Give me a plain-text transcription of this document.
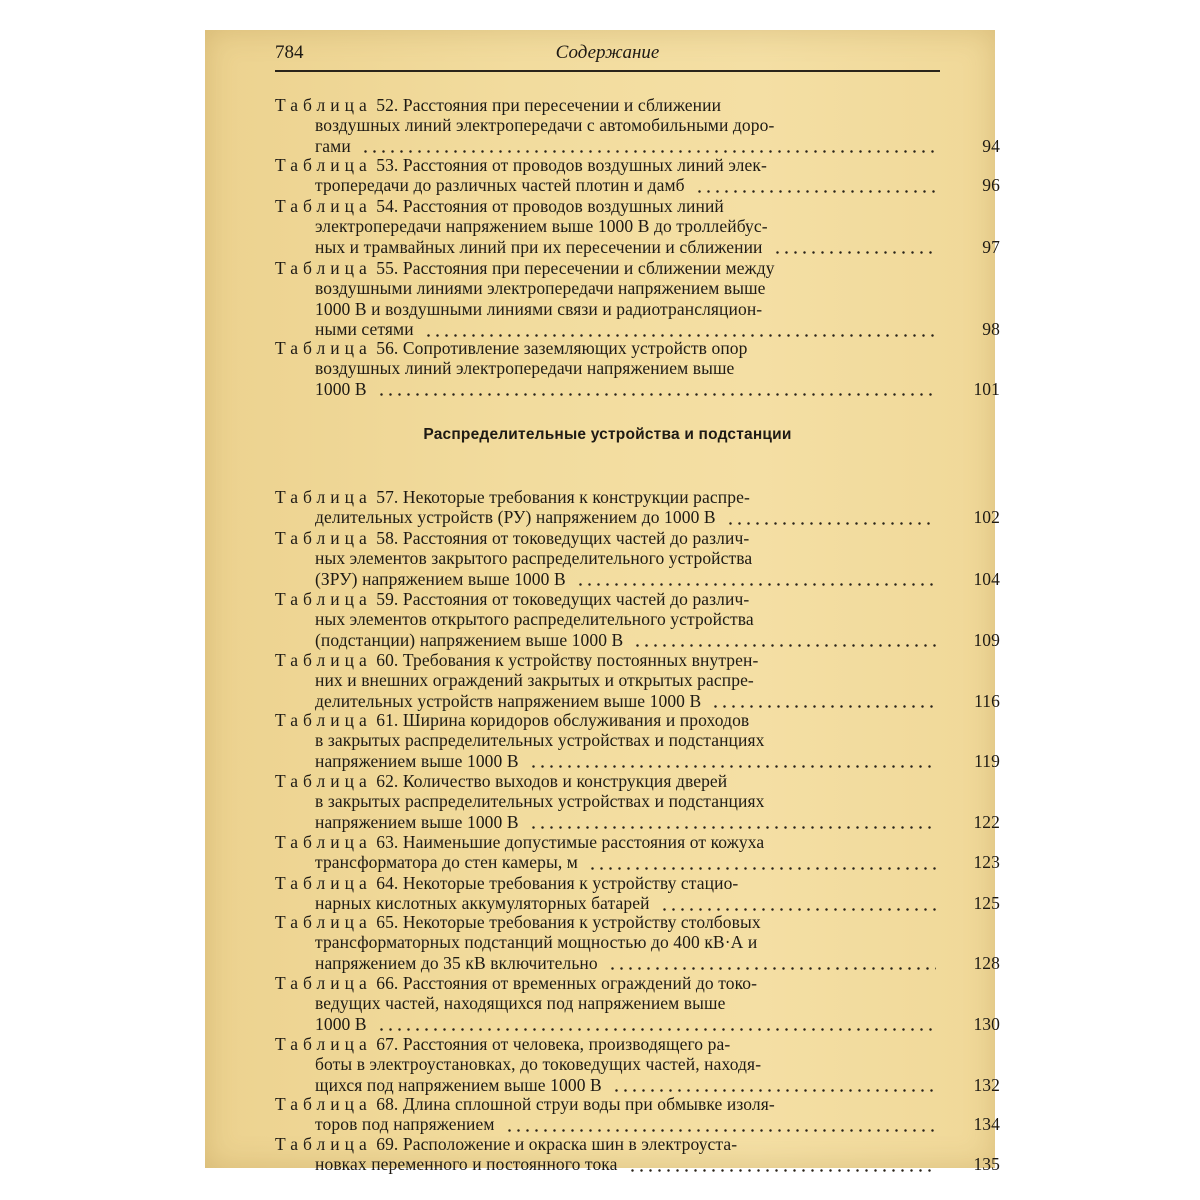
784	Содержание
Распределительные устройства и подстанции
Таблица 52. Расстояния при пересечении и сближении
воздушных линий электропередачи с автомобильными доро-
гами	94
Таблица 53. Расстояния от проводов воздушных линий элек-
тропередачи до различных частей плотин и дамб	96
Таблица 54. Расстояния от проводов воздушных линий
электропередачи напряжением выше 1000 В до троллейбус-
ных и трамвайных линий при их пересечении и сближении	97
Таблица 55. Расстояния при пересечении и сближении между
воздушными линиями электропередачи напряжением выше
1000 В и воздушными линиями связи и радиотрансляцион-
ными сетями	98
Таблица 56. Сопротивление заземляющих устройств опор
воздушных линий электропередачи напряжением выше
1000 В	101
Таблица 57. Некоторые требования к конструкции распре-
делительных устройств (РУ) напряжением до 1000 В	102
Таблица 58. Расстояния от токоведущих частей до различ-
ных элементов закрытого распределительного устройства
(ЗРУ) напряжением выше 1000 В	104
Таблица 59. Расстояния от токоведущих частей до различ-
ных элементов открытого распределительного устройства
(подстанции) напряжением выше 1000 В	109
Таблица 60. Требования к устройству постоянных внутрен-
них и внешних ограждений закрытых и открытых распре-
делительных устройств напряжением выше 1000 В	116
Таблица 61. Ширина коридоров обслуживания и проходов
в закрытых распределительных устройствах и подстанциях
напряжением выше 1000 В	119
Таблица 62. Количество выходов и конструкция дверей
в закрытых распределительных устройствах и подстанциях
напряжением выше 1000 В	122
Таблица 63. Наименьшие допустимые расстояния от кожуха
трансформатора до стен камеры, м	123
Таблица 64. Некоторые требования к устройству стацио-
нарных кислотных аккумуляторных батарей	125
Таблица 65. Некоторые требования к устройству столбовых
трансформаторных подстанций мощностью до 400 кВ·А и
напряжением до 35 кВ включительно	128
Таблица 66. Расстояния от временных ограждений до токо-
ведущих частей, находящихся под напряжением выше
1000 В	130
Таблица 67. Расстояния от человека, производящего ра-
боты в электроустановках, до токоведущих частей, находя-
щихся под напряжением выше 1000 В	132
Таблица 68. Длина сплошной струи воды при обмывке изоля-
торов под напряжением	134
Таблица 69. Расположение и окраска шин в электроуста-
новках переменного и постоянного тока	135
